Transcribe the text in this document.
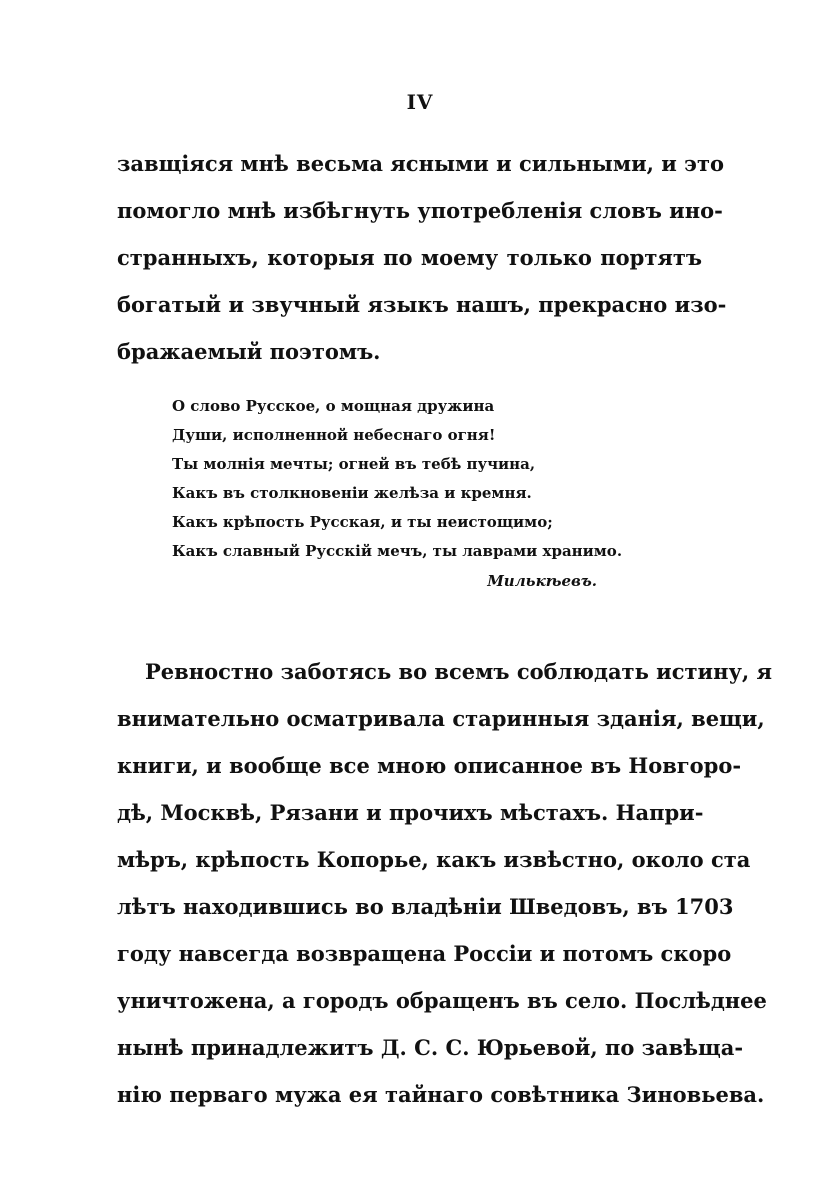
IV
завщіяся мнѣ весьма ясными и сильными, и это
помогло мнѣ избѣгнуть употребленія словъ ино-
странныхъ, которыя по моему только портятъ
богатый и звучный языкъ нашъ, прекрасно изо-
бражаемый поэтомъ.
О слово Русское, о мощная дружина
Души, исполненной небеснаго огня!
Ты молнія мечты; огней въ тебѣ пучина,
Какъ въ столкновеніи желѣза и кремня.
Какъ крѣпость Русская, и ты неистощимо;
Какъ славный Русскій мечъ, ты лаврами хранимо.
Милькѣевъ.
Ревностно заботясь во всемъ соблюдать истину, я
внимательно осматривала старинныя зданія, вещи,
книги, и вообще все мною описанное въ Новгоро-
дѣ, Москвѣ, Рязани и прочихъ мѣстахъ. Напри-
мѣръ, крѣпость Копорье, какъ извѣстно, около ста
лѣтъ находившись во владѣніи Шведовъ, въ 1703
году навсегда возвращена Россіи и потомъ скоро
уничтожена, а городъ обращенъ въ село. Послѣднее
нынѣ принадлежитъ Д. С. С. Юрьевой, по завѣща-
нію перваго мужа ея тайнаго совѣтника Зиновьева.
